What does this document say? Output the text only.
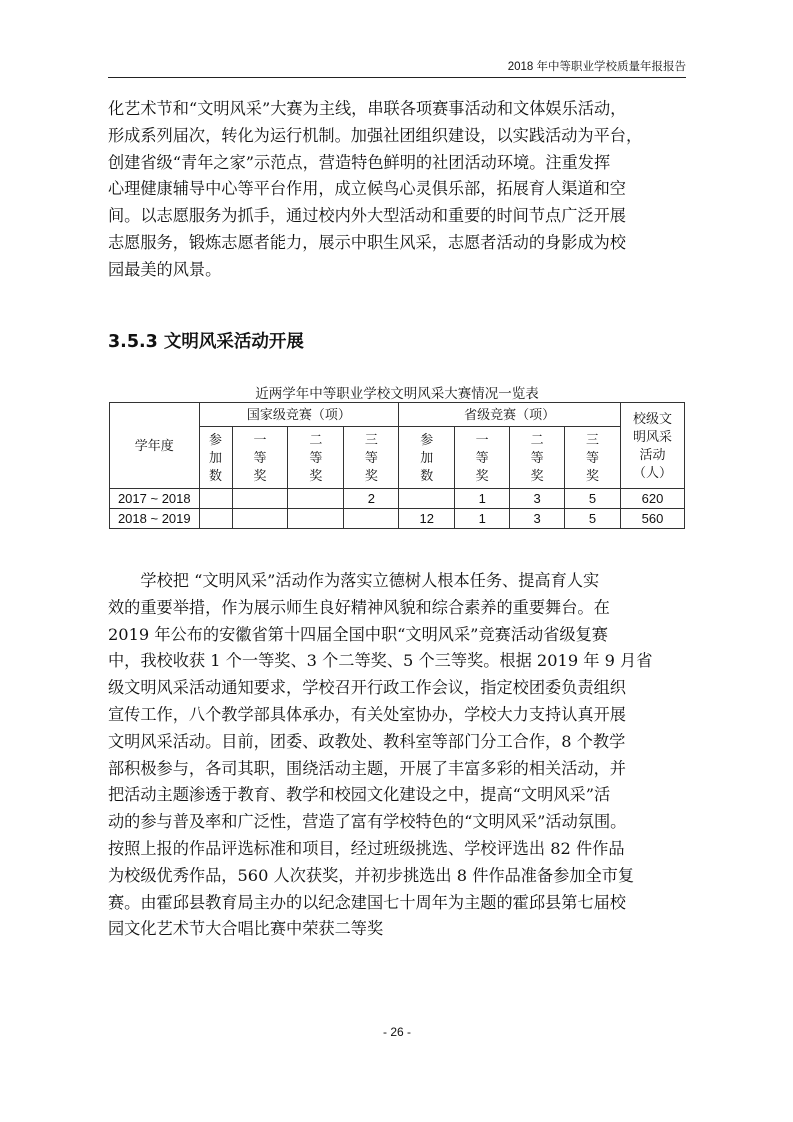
2018 年中等职业学校质量年报报告
化艺术节和“文明风采”大赛为主线，串联各项赛事活动和文体娱乐活动，
形成系列届次，转化为运行机制。加强社团组织建设，以实践活动为平台，
创建省级“青年之家”示范点，营造特色鲜明的社团活动环境。注重发挥
心理健康辅导中心等平台作用，成立候鸟心灵俱乐部，拓展育人渠道和空
间。以志愿服务为抓手，通过校内外大型活动和重要的时间节点广泛开展
志愿服务，锻炼志愿者能力，展示中职生风采，志愿者活动的身影成为校
园最美的风景。
3.5.3 文明风采活动开展
近两学年中等职业学校文明风采大赛情况一览表
学年度	国家级竞赛（项）				省级竞赛（项）				校级文明风采活动（人）
	参加数	一等奖	二等奖	三等奖	参加数	一等奖	二等奖	三等奖	
2017 ~ 2018				2		1	3	5	620
2018 ~ 2019					12	1	3	5	560
学校把 “文明风采”活动作为落实立德树人根本任务、提高育人实
效的重要举措，作为展示师生良好精神风貌和综合素养的重要舞台。在
2019 年公布的安徽省第十四届全国中职“文明风采”竞赛活动省级复赛
中，我校收获 1 个一等奖、3 个二等奖、5 个三等奖。根据 2019 年 9 月省
级文明风采活动通知要求，学校召开行政工作会议，指定校团委负责组织
宣传工作，八个教学部具体承办，有关处室协办，学校大力支持认真开展
文明风采活动。目前，团委、政教处、教科室等部门分工合作，8 个教学
部积极参与，各司其职，围绕活动主题，开展了丰富多彩的相关活动，并
把活动主题渗透于教育、教学和校园文化建设之中，提高“文明风采”活
动的参与普及率和广泛性，营造了富有学校特色的“文明风采”活动氛围。
按照上报的作品评选标准和项目，经过班级挑选、学校评选出 82 件作品
为校级优秀作品，560 人次获奖，并初步挑选出 8 件作品准备参加全市复
赛。由霍邱县教育局主办的以纪念建国七十周年为主题的霍邱县第七届校
园文化艺术节大合唱比赛中荣获二等奖
- 26 -
